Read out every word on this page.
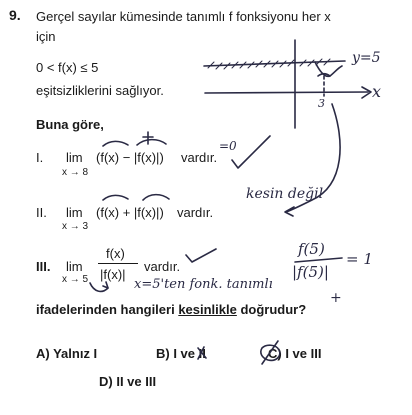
9. Gerçel sayılar kümesinde tanımlı f fonksiyonu her x
için
0 < f(x) ≤ 5
eşitsizliklerini sağlıyor.
Buna göre,
I. lim
x → 8
(f(x) − |f(x)|) vardır.
II. lim
x → 3
(f(x) + |f(x)|) vardır.
III. lim
x → 5
f(x)
|f(x)|
vardır.
ifadelerinden hangileri kesinlikle doğrudur?
A) Yalnız I	B) I ve II	C) I ve III
D) II ve III
y=5
x
3
=0
kesin değil
x=5'ten fonk. tanımlı
f(5)
|f(5)|
= 1
+
